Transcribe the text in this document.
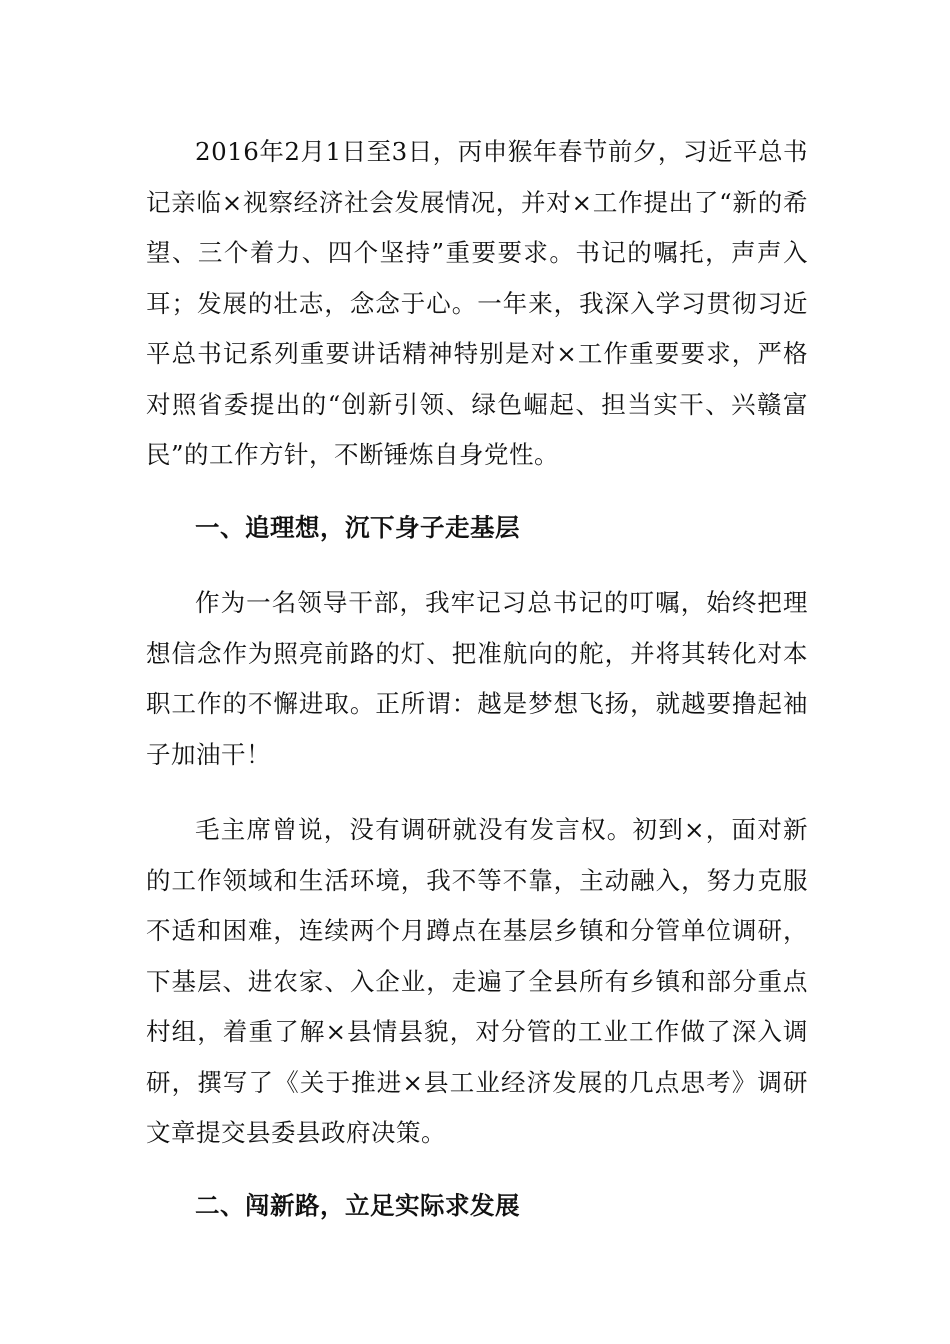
2016年2月1日至3日，丙申猴年春节前夕，习近平总书记亲临×视察经济社会发展情况，并对×工作提出了“新的希望、三个着力、四个坚持”重要要求。书记的嘱托，声声入耳；发展的壮志，念念于心。一年来，我深入学习贯彻习近平总书记系列重要讲话精神特别是对×工作重要要求，严格对照省委提出的“创新引领、绿色崛起、担当实干、兴赣富民”的工作方针，不断锤炼自身党性。

一、追理想，沉下身子走基层

作为一名领导干部，我牢记习总书记的叮嘱，始终把理想信念作为照亮前路的灯、把准航向的舵，并将其转化对本职工作的不懈进取。正所谓：越是梦想飞扬，就越要撸起袖子加油干！

毛主席曾说，没有调研就没有发言权。初到×，面对新的工作领域和生活环境，我不等不靠，主动融入，努力克服不适和困难，连续两个月蹲点在基层乡镇和分管单位调研，下基层、进农家、入企业，走遍了全县所有乡镇和部分重点村组，着重了解×县情县貌，对分管的工业工作做了深入调研，撰写了《关于推进×县工业经济发展的几点思考》调研文章提交县委县政府决策。

二、闯新路，立足实际求发展
